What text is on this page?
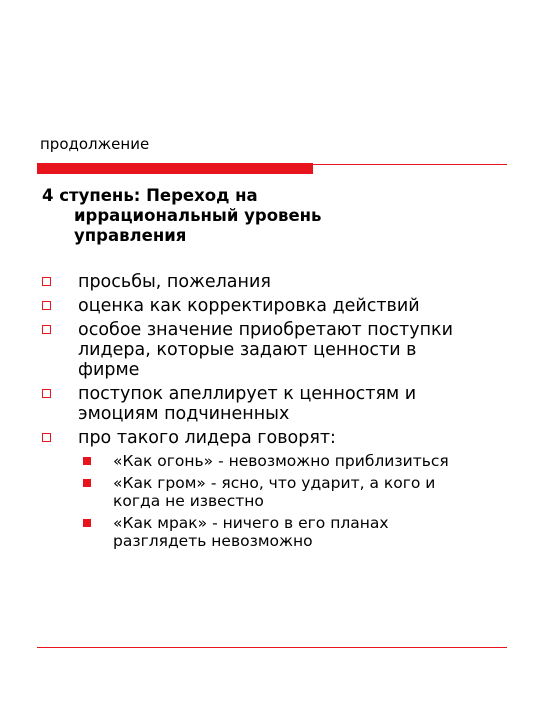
продолжение
4 ступень: Переход на
иррациональный уровень
управления
просьбы, пожелания
оценка как корректировка действий
особое значение приобретают поступки
лидера, которые задают ценности в
фирме
поступок апеллирует к ценностям и
эмоциям подчиненных
про такого лидера говорят:
«Как огонь» - невозможно приблизиться
«Как гром» - ясно, что ударит, а кого и
когда не известно
«Как мрак» - ничего в его планах
разглядеть невозможно
